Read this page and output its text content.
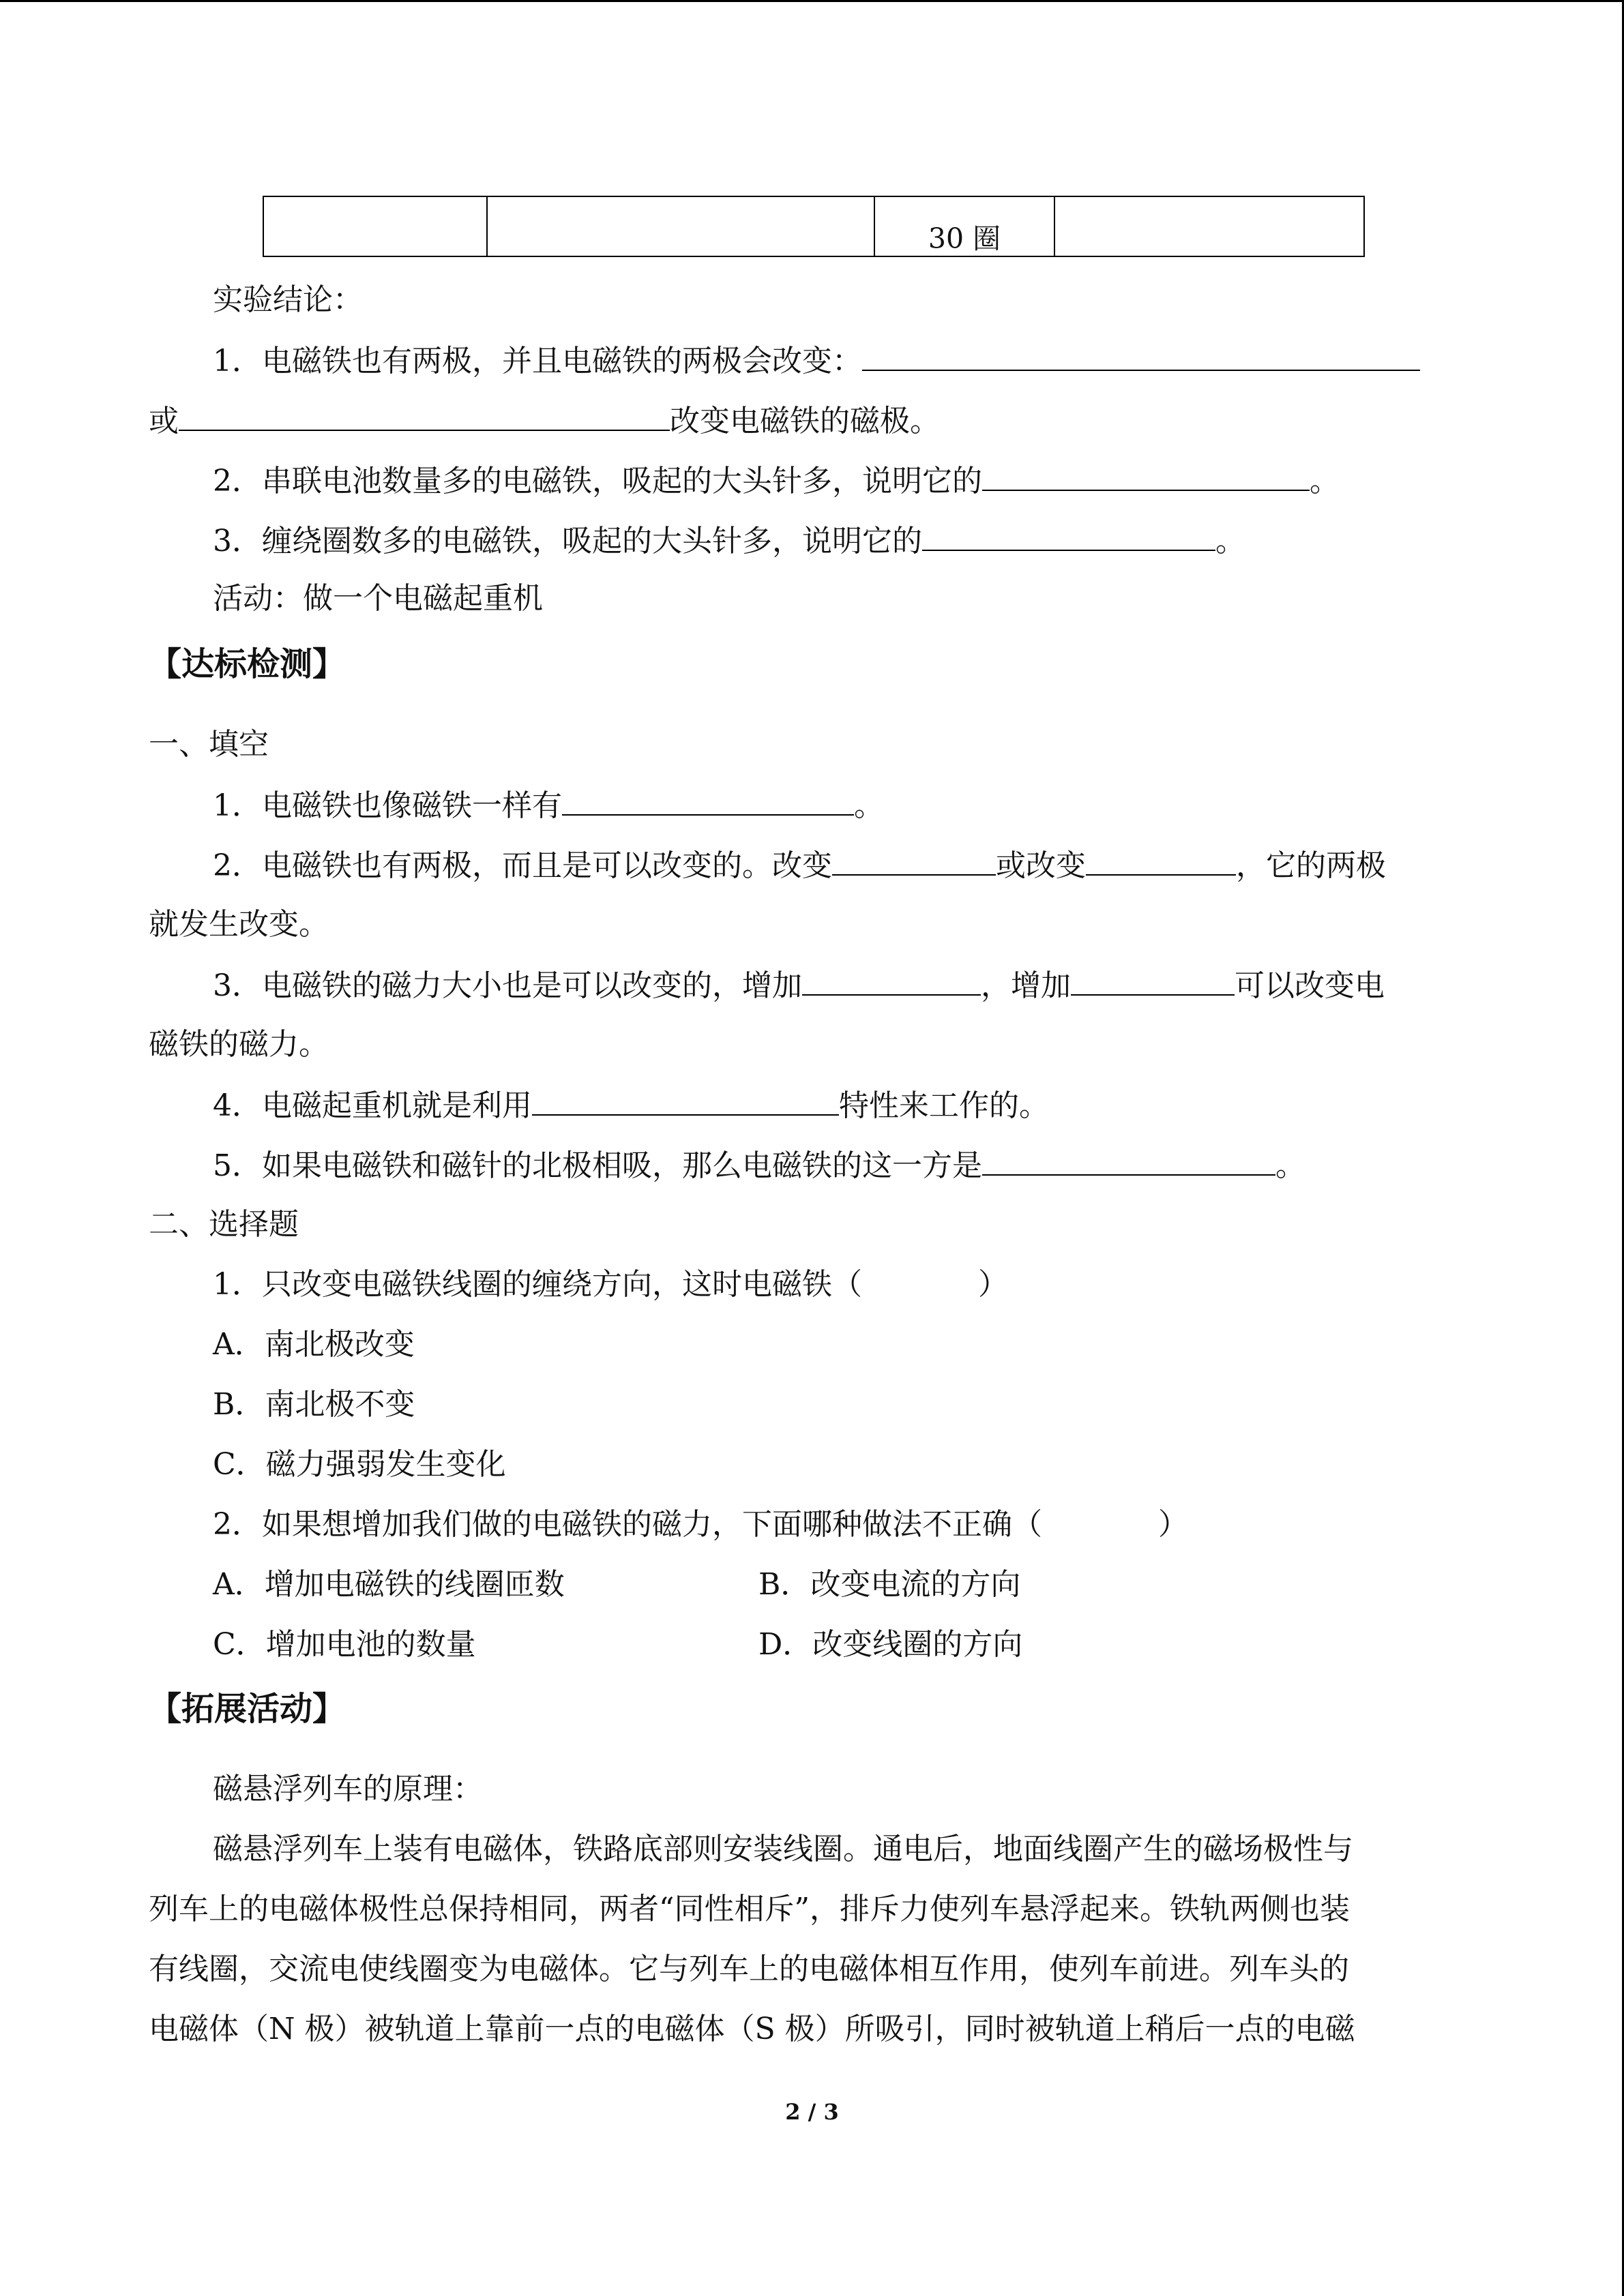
		30 圈	
实验结论：
1．电磁铁也有两极，并且电磁铁的两极会改变：
或	改变电磁铁的磁极。
2．串联电池数量多的电磁铁，吸起的大头针多，说明它的	。
3．缠绕圈数多的电磁铁，吸起的大头针多，说明它的	。
活动：做一个电磁起重机
【达标检测】
一、填空
1．电磁铁也像磁铁一样有	。
2．电磁铁也有两极，而且是可以改变的。改变	或改变	，它的两极
就发生改变。
3．电磁铁的磁力大小也是可以改变的，增加	，增加	可以改变电
磁铁的磁力。
4．电磁起重机就是利用	特性来工作的。
5．如果电磁铁和磁针的北极相吸，那么电磁铁的这一方是	。
二、选择题
1．只改变电磁铁线圈的缠绕方向，这时电磁铁（	）
A．南北极改变
B．南北极不变
C．磁力强弱发生变化
2．如果想增加我们做的电磁铁的磁力，下面哪种做法不正确（	）
A．增加电磁铁的线圈匝数	B．改变电流的方向
C．增加电池的数量	D．改变线圈的方向
【拓展活动】
磁悬浮列车的原理：
磁悬浮列车上装有电磁体，铁路底部则安装线圈。通电后，地面线圈产生的磁场极性与
列车上的电磁体极性总保持相同，两者“同性相斥”，排斥力使列车悬浮起来。铁轨两侧也装
有线圈，交流电使线圈变为电磁体。它与列车上的电磁体相互作用，使列车前进。列车头的
电磁体（N 极）被轨道上靠前一点的电磁体（S 极）所吸引，同时被轨道上稍后一点的电磁
2 / 3
